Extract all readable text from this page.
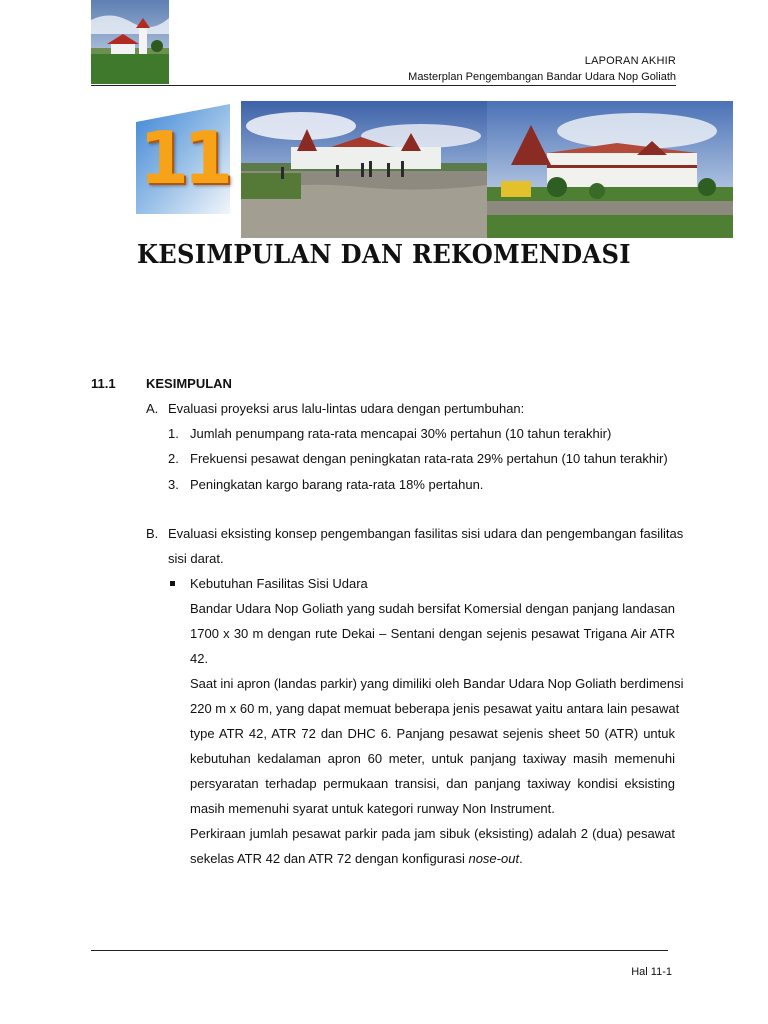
LAPORAN AKHIR
Masterplan Pengembangan Bandar Udara Nop Goliath
11
KESIMPULAN DAN REKOMENDASI
11.1 KESIMPULAN
A. Evaluasi proyeksi arus lalu-lintas udara dengan pertumbuhan:
1. Jumlah penumpang rata-rata mencapai 30% pertahun (10 tahun terakhir)
2. Frekuensi pesawat dengan peningkatan rata-rata 29% pertahun (10 tahun terakhir)
3. Peningkatan kargo barang rata-rata 18% pertahun.
B. Evaluasi eksisting konsep pengembangan fasilitas sisi udara dan pengembangan fasilitas
sisi darat.
Kebutuhan Fasilitas Sisi Udara
Bandar Udara Nop Goliath yang sudah bersifat Komersial dengan panjang landasan
1700 x 30 m dengan rute Dekai – Sentani dengan sejenis pesawat Trigana Air ATR
42.
Saat ini apron (landas parkir) yang dimiliki oleh Bandar Udara Nop Goliath berdimensi
220 m x 60 m, yang dapat memuat beberapa jenis pesawat yaitu antara lain pesawat
type ATR 42, ATR 72 dan DHC 6. Panjang pesawat sejenis sheet 50 (ATR) untuk
kebutuhan kedalaman apron 60 meter, untuk panjang taxiway masih memenuhi
persyaratan terhadap permukaan transisi, dan panjang taxiway kondisi eksisting
masih memenuhi syarat untuk kategori runway Non Instrument.
Perkiraan jumlah pesawat parkir pada jam sibuk (eksisting) adalah 2 (dua) pesawat
sekelas ATR 42 dan ATR 72 dengan konfigurasi nose-out.
Hal 11-1
